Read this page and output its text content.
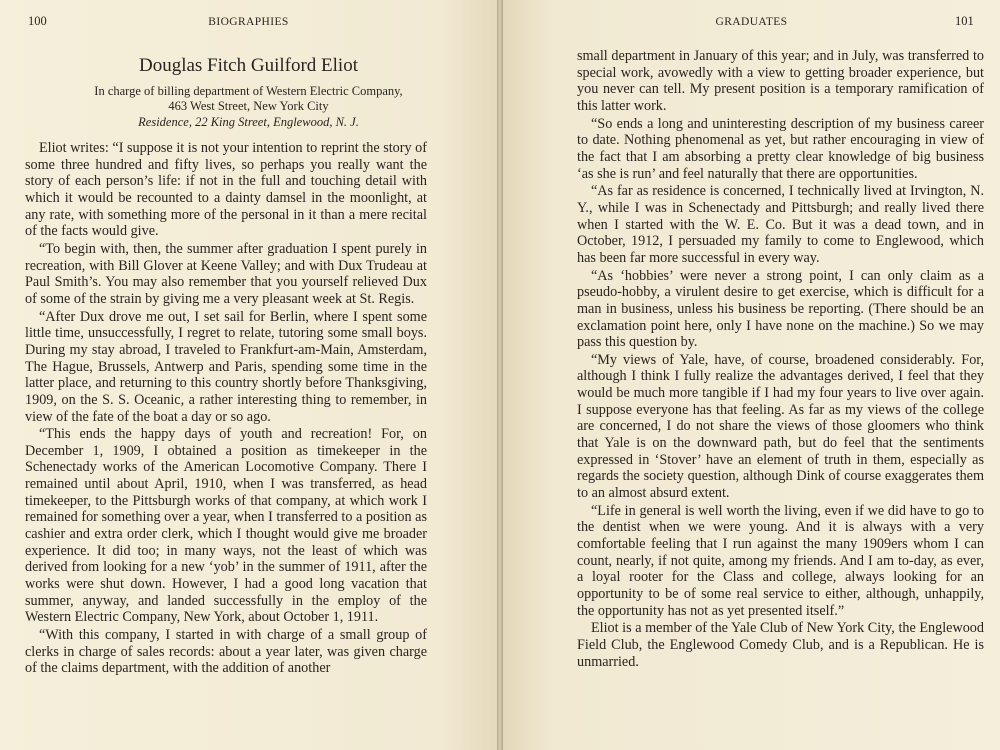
100	BIOGRAPHIES
Douglas Fitch Guilford Eliot
In charge of billing department of Western Electric Company,
463 West Street, New York City
Residence, 22 King Street, Englewood, N. J.

Eliot writes: “I suppose it is not your intention to reprint the story of some three hundred and fifty lives, so perhaps you really want the story of each person’s life: if not in the full and touching detail with which it would be recounted to a dainty damsel in the moonlight, at any rate, with something more of the personal in it than a mere recital of the facts would give.

“To begin with, then, the summer after graduation I spent purely in recreation, with Bill Glover at Keene Valley; and with Dux Trudeau at Paul Smith’s. You may also remember that you yourself relieved Dux of some of the strain by giving me a very pleasant week at St. Regis.

“After Dux drove me out, I set sail for Berlin, where I spent some little time, unsuccessfully, I regret to relate, tutoring some small boys. During my stay abroad, I traveled to Frankfurt-am-Main, Amsterdam, The Hague, Brussels, Antwerp and Paris, spending some time in the latter place, and returning to this country shortly before Thanksgiving, 1909, on the S. S. Oceanic, a rather interesting thing to remember, in view of the fate of the boat a day or so ago.

“This ends the happy days of youth and recreation! For, on December 1, 1909, I obtained a position as timekeeper in the Schenectady works of the American Locomotive Company. There I remained until about April, 1910, when I was transferred, as head timekeeper, to the Pittsburgh works of that company, at which work I remained for something over a year, when I transferred to a position as cashier and extra order clerk, which I thought would give me broader experience. It did too; in many ways, not the least of which was derived from looking for a new ‘yob’ in the summer of 1911, after the works were shut down. However, I had a good long vacation that summer, anyway, and landed successfully in the employ of the Western Electric Company, New York, about October 1, 1911.

“With this company, I started in with charge of a small group of clerks in charge of sales records: about a year later, was given charge of the claims department, with the addition of another

GRADUATES	101

small department in January of this year; and in July, was transferred to special work, avowedly with a view to getting broader experience, but you never can tell. My present position is a temporary ramification of this latter work.

“So ends a long and uninteresting description of my business career to date. Nothing phenomenal as yet, but rather encouraging in view of the fact that I am absorbing a pretty clear knowledge of big business ‘as she is run’ and feel naturally that there are opportunities.

“As far as residence is concerned, I technically lived at Irvington, N. Y., while I was in Schenectady and Pittsburgh; and really lived there when I started with the W. E. Co. But it was a dead town, and in October, 1912, I persuaded my family to come to Englewood, which has been far more successful in every way.

“As ‘hobbies’ were never a strong point, I can only claim as a pseudo-hobby, a virulent desire to get exercise, which is difficult for a man in business, unless his business be reporting. (There should be an exclamation point here, only I have none on the machine.) So we may pass this question by.

“My views of Yale, have, of course, broadened considerably. For, although I think I fully realize the advantages derived, I feel that they would be much more tangible if I had my four years to live over again. I suppose everyone has that feeling. As far as my views of the college are concerned, I do not share the views of those gloomers who think that Yale is on the downward path, but do feel that the sentiments expressed in ‘Stover’ have an element of truth in them, especially as regards the society question, although Dink of course exaggerates them to an almost absurd extent.

“Life in general is well worth the living, even if we did have to go to the dentist when we were young. And it is always with a very comfortable feeling that I run against the many 1909ers whom I can count, nearly, if not quite, among my friends. And I am to-day, as ever, a loyal rooter for the Class and college, always looking for an opportunity to be of some real service to either, although, unhappily, the opportunity has not as yet presented itself.”

Eliot is a member of the Yale Club of New York City, the Englewood Field Club, the Englewood Comedy Club, and is a Republican. He is unmarried.
